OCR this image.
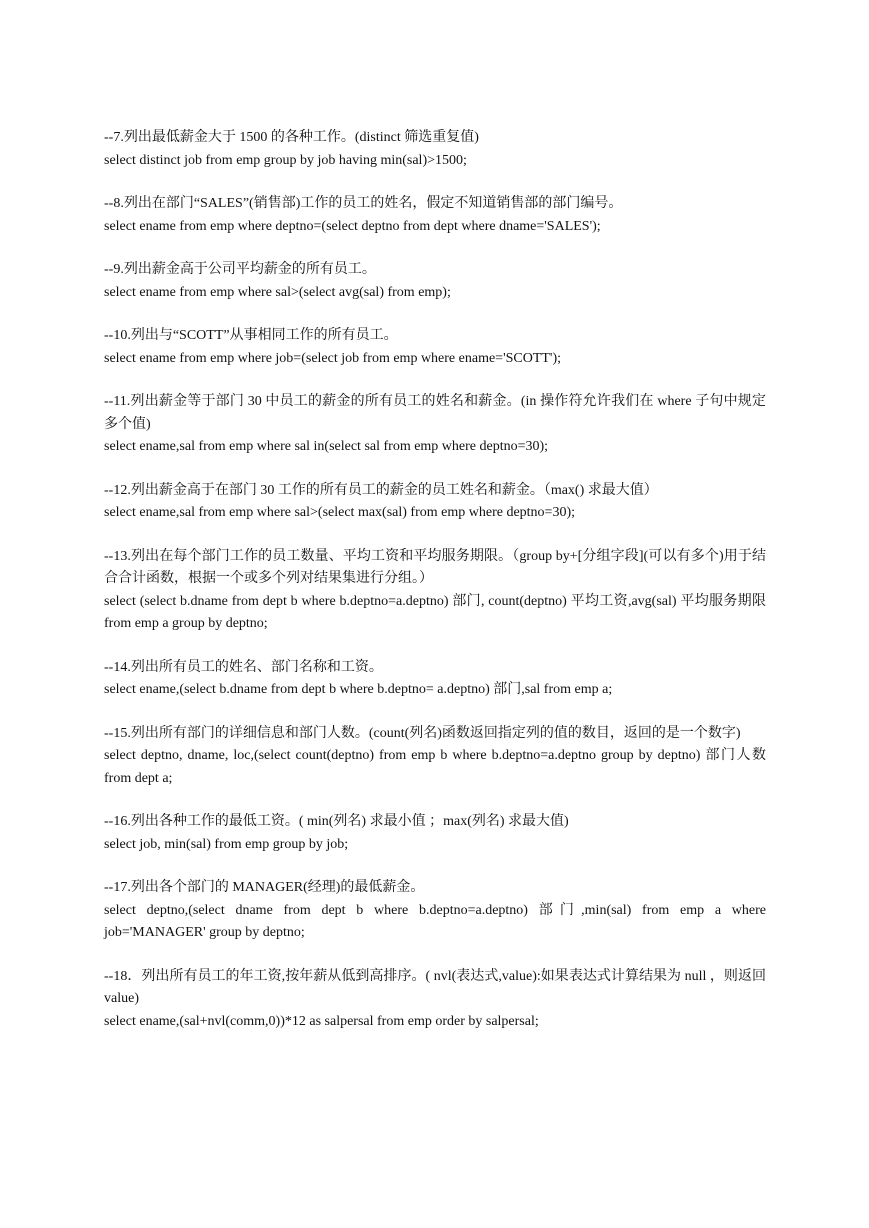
--7.列出最低薪金大于 1500 的各种工作。(distinct 筛选重复值)
select distinct job from emp group by job having min(sal)>1500;
--8.列出在部门“SALES”(销售部)工作的员工的姓名，假定不知道销售部的部门编号。
select ename from emp where deptno=(select deptno from dept where dname='SALES');
--9.列出薪金高于公司平均薪金的所有员工。
select ename from emp where sal>(select avg(sal) from emp);
--10.列出与“SCOTT”从事相同工作的所有员工。
select ename from emp where job=(select job from emp where ename='SCOTT');
--11.列出薪金等于部门 30 中员工的薪金的所有员工的姓名和薪金。(in 操作符允许我们在 where 子句中规定多个值)
select ename,sal from emp where sal in(select sal from emp where deptno=30);
--12.列出薪金高于在部门 30 工作的所有员工的薪金的员工姓名和薪金。（max() 求最大值）
select ename,sal from emp where sal>(select max(sal) from emp where deptno=30);
--13.列出在每个部门工作的员工数量、平均工资和平均服务期限。（group by+[分组字段](可以有多个)用于结合合计函数，根据一个或多个列对结果集进行分组。）
select (select b.dname from dept b where b.deptno=a.deptno) 部门, count(deptno) 平均工资,avg(sal) 平均服务期限 from emp a group by deptno;
--14.列出所有员工的姓名、部门名称和工资。
select ename,(select b.dname from dept b where b.deptno= a.deptno) 部门,sal from emp a;
--15.列出所有部门的详细信息和部门人数。(count(列名)函数返回指定列的值的数目，返回的是一个数字)
select deptno, dname, loc,(select count(deptno) from emp b where b.deptno=a.deptno group by deptno) 部门人数 from dept a;
--16.列出各种工作的最低工资。( min(列名) 求最小值 ；max(列名) 求最大值)
select job, min(sal) from emp group by job;
--17.列出各个部门的 MANAGER(经理)的最低薪金。
select deptno,(select dname from dept b where b.deptno=a.deptno) 部门,min(sal) from emp a where job='MANAGER' group by deptno;
--18．列出所有员工的年工资,按年薪从低到高排序。( nvl(表达式,value):如果表达式计算结果为 null ，则返回 value)
select ename,(sal+nvl(comm,0))*12 as salpersal from emp order by salpersal;
